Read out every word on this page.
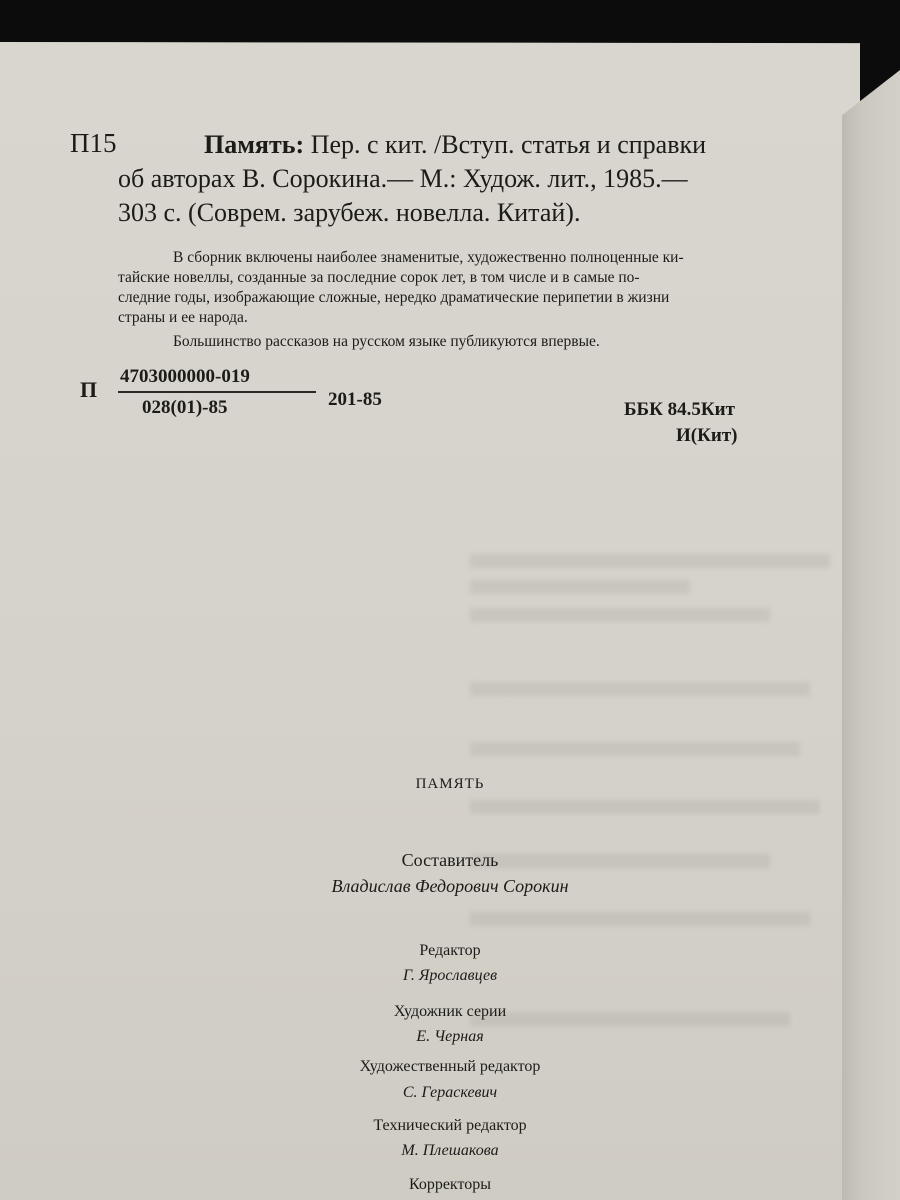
П15	Память: Пер. с кит. /Вступ. статья и справки
об авторах В. Сорокина.— М.: Худож. лит., 1985.—
303 с. (Соврем. зарубеж. новелла. Китай).
В сборник включены наиболее знаменитые, художественно полноценные ки-
тайские новеллы, созданные за последние сорок лет, в том числе и в самые по-
следние годы, изображающие сложные, нередко драматические перипетии в жизни
страны и ее народа.
Большинство рассказов на русском языке публикуются впервые.
П
4703000000-019
028(01)-85	201-85	ББК 84.5Кит
И(Кит)
ПАМЯТЬ
Составитель
Владислав Федорович Сорокин
Редактор
Г. Ярославцев
Художник серии
Е. Черная
Художественный редактор
С. Гераскевич
Технический редактор
М. Плешакова
Корректоры
